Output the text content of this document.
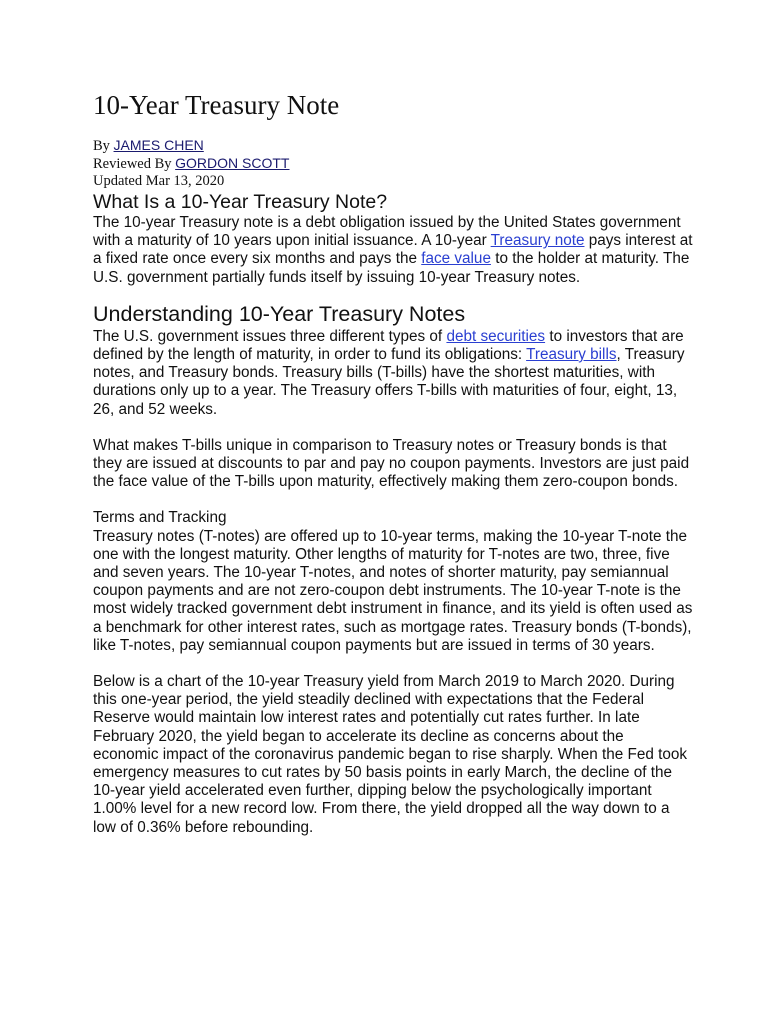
10-Year Treasury Note
By JAMES CHEN
Reviewed By GORDON SCOTT
Updated Mar 13, 2020
What Is a 10-Year Treasury Note?

The 10-year Treasury note is a debt obligation issued by the United States government with a maturity of 10 years upon initial issuance. A 10-year Treasury note pays interest at a fixed rate once every six months and pays the face value to the holder at maturity. The U.S. government partially funds itself by issuing 10-year Treasury notes.

Understanding 10-Year Treasury Notes

The U.S. government issues three different types of debt securities to investors that are defined by the length of maturity, in order to fund its obligations: Treasury bills, Treasury notes, and Treasury bonds. Treasury bills (T-bills) have the shortest maturities, with durations only up to a year. The Treasury offers T-bills with maturities of four, eight, 13, 26, and 52 weeks.

What makes T-bills unique in comparison to Treasury notes or Treasury bonds is that they are issued at discounts to par and pay no coupon payments. Investors are just paid the face value of the T-bills upon maturity, effectively making them zero-coupon bonds.

Terms and Tracking

Treasury notes (T-notes) are offered up to 10-year terms, making the 10-year T-note the one with the longest maturity. Other lengths of maturity for T-notes are two, three, five and seven years. The 10-year T-notes, and notes of shorter maturity, pay semiannual coupon payments and are not zero-coupon debt instruments. The 10-year T-note is the most widely tracked government debt instrument in finance, and its yield is often used as a benchmark for other interest rates, such as mortgage rates. Treasury bonds (T-bonds), like T-notes, pay semiannual coupon payments but are issued in terms of 30 years.

Below is a chart of the 10-year Treasury yield from March 2019 to March 2020. During this one-year period, the yield steadily declined with expectations that the Federal Reserve would maintain low interest rates and potentially cut rates further. In late February 2020, the yield began to accelerate its decline as concerns about the economic impact of the coronavirus pandemic began to rise sharply. When the Fed took emergency measures to cut rates by 50 basis points in early March, the decline of the 10-year yield accelerated even further, dipping below the psychologically important 1.00% level for a new record low. From there, the yield dropped all the way down to a low of 0.36% before rebounding.
